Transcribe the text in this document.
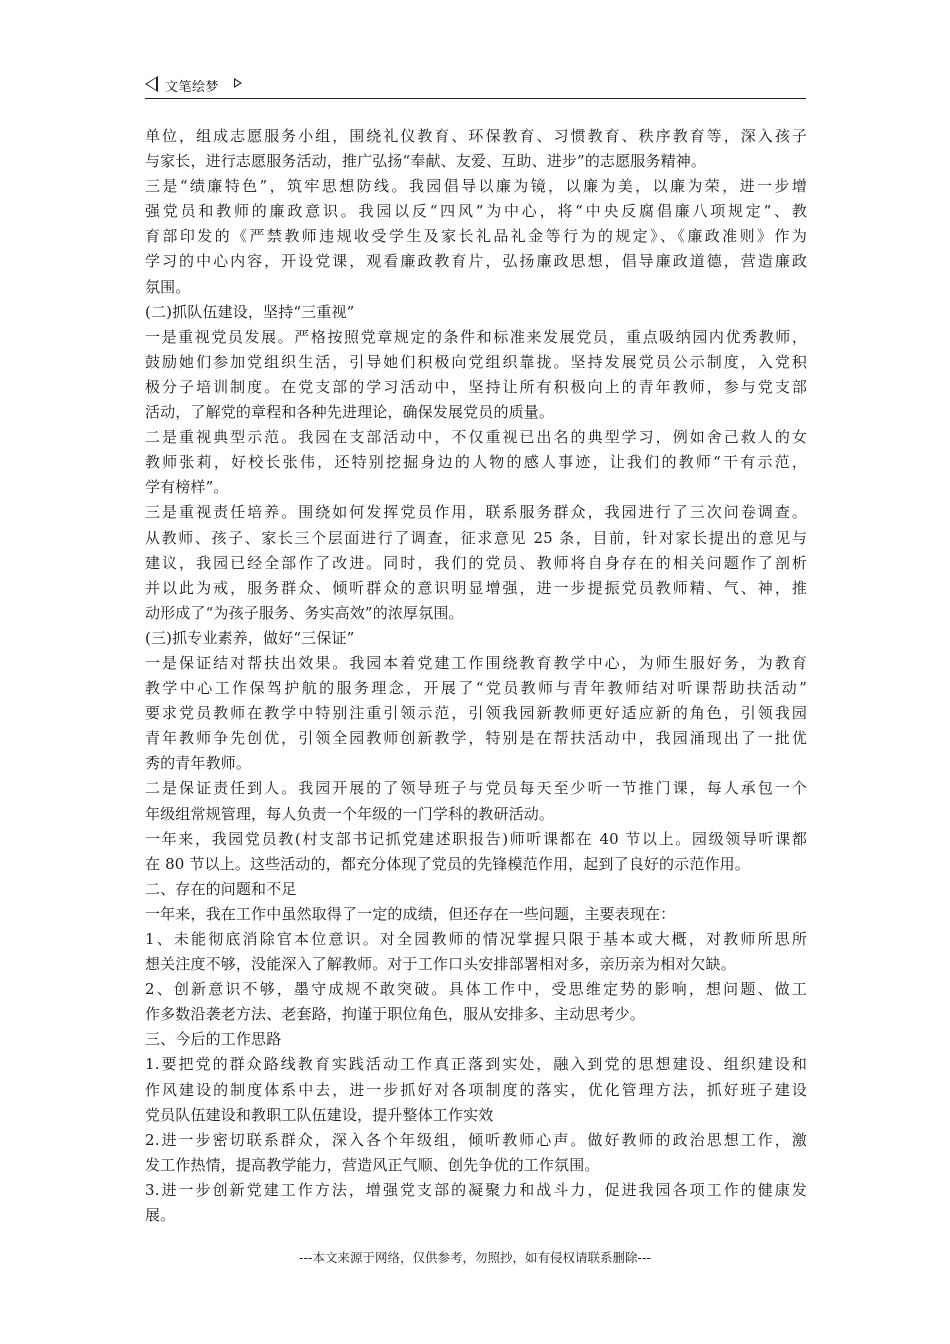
文笔绘梦
单位，组成志愿服务小组，围绕礼仪教育、环保教育、习惯教育、秩序教育等，深入孩子
与家长，进行志愿服务活动，推广弘扬“奉献、友爱、互助、进步”的志愿服务精神。
三是“绩廉特色”，筑牢思想防线。我园倡导以廉为镜，以廉为美，以廉为荣，进一步增
强党员和教师的廉政意识。我园以反“四风”为中心，将“中央反腐倡廉八项规定”、教
育部印发的《严禁教师违规收受学生及家长礼品礼金等行为的规定》、《廉政准则》作为
学习的中心内容，开设党课，观看廉政教育片，弘扬廉政思想，倡导廉政道德，营造廉政
氛围。
(二)抓队伍建设，坚持“三重视”
一是重视党员发展。严格按照党章规定的条件和标准来发展党员，重点吸纳园内优秀教师，
鼓励她们参加党组织生活，引导她们积极向党组织靠拢。坚持发展党员公示制度，入党积
极分子培训制度。在党支部的学习活动中，坚持让所有积极向上的青年教师，参与党支部
活动，了解党的章程和各种先进理论，确保发展党员的质量。
二是重视典型示范。我园在支部活动中，不仅重视已出名的典型学习，例如舍己救人的女
教师张莉，好校长张伟，还特别挖掘身边的人物的感人事迹，让我们的教师“干有示范，
学有榜样”。
三是重视责任培养。围绕如何发挥党员作用，联系服务群众，我园进行了三次问卷调查。
从教师、孩子、家长三个层面进行了调查，征求意见 25 条，目前，针对家长提出的意见与
建议，我园已经全部作了改进。同时，我们的党员、教师将自身存在的相关问题作了剖析
并以此为戒，服务群众、倾听群众的意识明显增强，进一步提振党员教师精、气、神，推
动形成了“为孩子服务、务实高效”的浓厚氛围。
(三)抓专业素养，做好“三保证”
一是保证结对帮扶出效果。我园本着党建工作围绕教育教学中心，为师生服好务，为教育
教学中心工作保驾护航的服务理念，开展了“党员教师与青年教师结对听课帮助扶活动”
要求党员教师在教学中特别注重引领示范，引领我园新教师更好适应新的角色，引领我园
青年教师争先创优，引领全园教师创新教学，特别是在帮扶活动中，我园涌现出了一批优
秀的青年教师。
二是保证责任到人。我园开展的了领导班子与党员每天至少听一节推门课，每人承包一个
年级组常规管理，每人负责一个年级的一门学科的教研活动。
一年来，我园党员教(村支部书记抓党建述职报告)师听课都在 40 节以上。园级领导听课都
在 80 节以上。这些活动的，都充分体现了党员的先锋模范作用，起到了良好的示范作用。
二、存在的问题和不足
一年来，我在工作中虽然取得了一定的成绩，但还存在一些问题，主要表现在：
1、未能彻底消除官本位意识。对全园教师的情况掌握只限于基本或大概，对教师所思所
想关注度不够，没能深入了解教师。对于工作口头安排部署相对多，亲历亲为相对欠缺。
2、创新意识不够，墨守成规不敢突破。具体工作中，受思维定势的影响，想问题、做工
作多数沿袭老方法、老套路，拘谨于职位角色，服从安排多、主动思考少。
三、今后的工作思路
1.要把党的群众路线教育实践活动工作真正落到实处，融入到党的思想建设、组织建设和
作风建设的制度体系中去，进一步抓好对各项制度的落实，优化管理方法，抓好班子建设
党员队伍建设和教职工队伍建设，提升整体工作实效
2.进一步密切联系群众，深入各个年级组，倾听教师心声。做好教师的政治思想工作，激
发工作热情，提高教学能力，营造风正气顺、创先争优的工作氛围。
3.进一步创新党建工作方法，增强党支部的凝聚力和战斗力，促进我园各项工作的健康发
展。
---本文来源于网络，仅供参考，勿照抄，如有侵权请联系删除---
